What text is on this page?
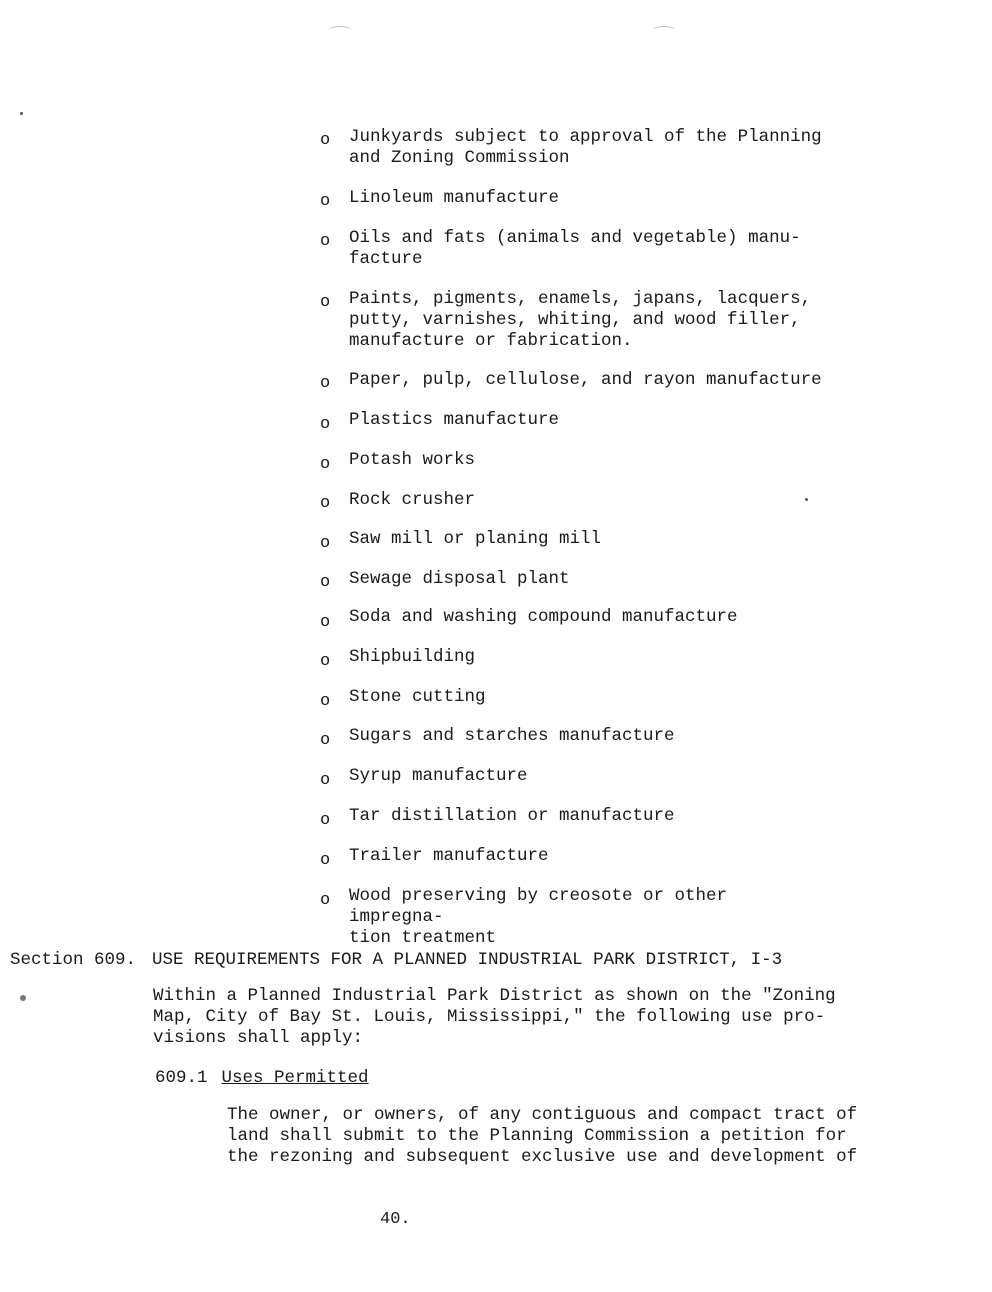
o Junkyards subject to approval of the Planning
and Zoning Commission
o Linoleum manufacture
o Oils and fats (animals and vegetable) manu-
facture
o Paints, pigments, enamels, japans, lacquers,
putty, varnishes, whiting, and wood filler,
manufacture or fabrication.
o Paper, pulp, cellulose, and rayon manufacture
o Plastics manufacture
o Potash works
o Rock crusher
o Saw mill or planing mill
o Sewage disposal plant
o Soda and washing compound manufacture
o Shipbuilding
o Stone cutting
o Sugars and starches manufacture
o Syrup manufacture
o Tar distillation or manufacture
o Trailer manufacture
o Wood preserving by creosote or other impregna-
tion treatment
Section 609. USE REQUIREMENTS FOR A PLANNED INDUSTRIAL PARK DISTRICT, I-3
Within a Planned Industrial Park District as shown on the "Zoning
Map, City of Bay St. Louis, Mississippi," the following use pro-
visions shall apply:
609.1 Uses Permitted
The owner, or owners, of any contiguous and compact tract of
land shall submit to the Planning Commission a petition for
the rezoning and subsequent exclusive use and development of
40.
